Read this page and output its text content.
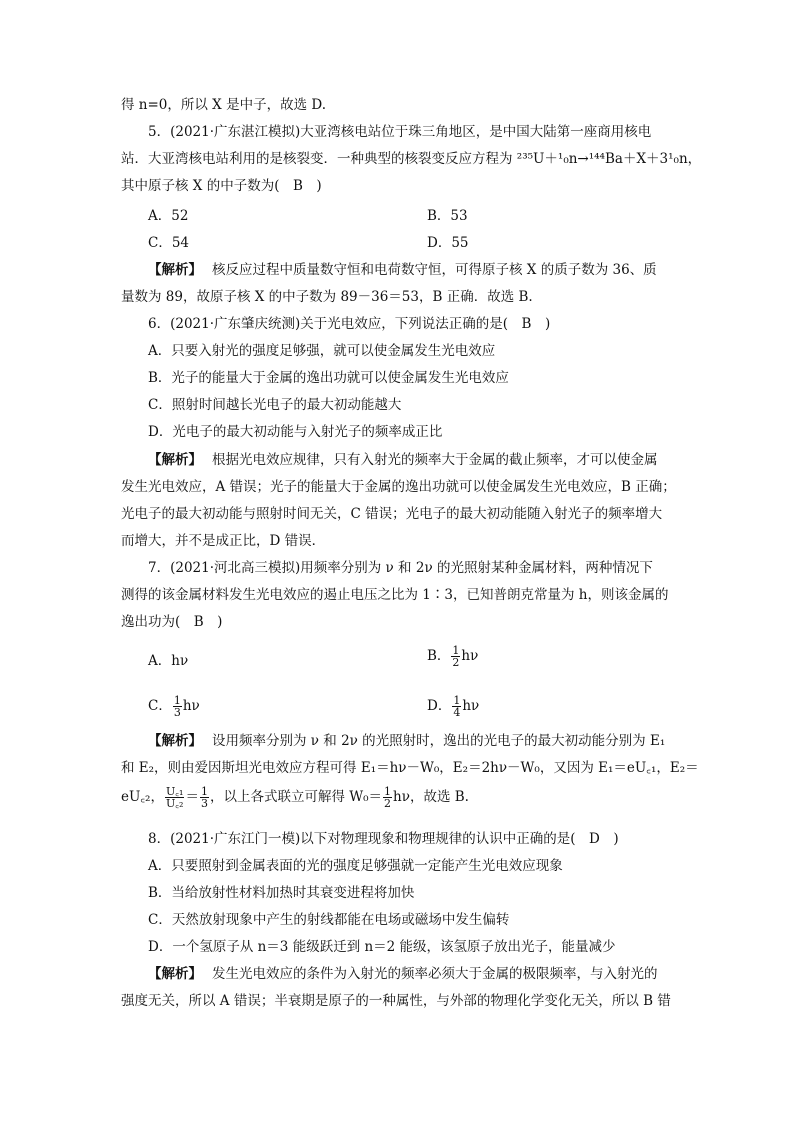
得 n=0，所以 X 是中子，故选 D.
5．(2021·广东湛江模拟)大亚湾核电站位于珠三角地区，是中国大陆第一座商用核电
站．大亚湾核电站利用的是核裂变．一种典型的核裂变反应方程为 ²³⁵U＋¹₀n→¹⁴⁴Ba＋X＋3¹₀n，
其中原子核 X 的中子数为(　B　)
A．52	B．53
C．54	D．55
【解析】 核反应过程中质量数守恒和电荷数守恒，可得原子核 X 的质子数为 36、质
量数为 89，故原子核 X 的中子数为 89－36＝53，B 正确．故选 B.
6．(2021·广东肇庆统测)关于光电效应，下列说法正确的是(　B　)
A．只要入射光的强度足够强，就可以使金属发生光电效应
B．光子的能量大于金属的逸出功就可以使金属发生光电效应
C．照射时间越长光电子的最大初动能越大
D．光电子的最大初动能与入射光子的频率成正比
【解析】 根据光电效应规律，只有入射光的频率大于金属的截止频率，才可以使金属
发生光电效应，A 错误；光子的能量大于金属的逸出功就可以使金属发生光电效应，B 正确；
光电子的最大初动能与照射时间无关，C 错误；光电子的最大初动能随入射光子的频率增大
而增大，并不是成正比，D 错误．
7．(2021·河北高三模拟)用频率分别为 ν 和 2ν 的光照射某种金属材料，两种情况下
测得的该金属材料发生光电效应的遏止电压之比为 1∶3，已知普朗克常量为 h，则该金属的
逸出功为(　B　)
A．hν	B． $\frac{1}{2}$ hν
C． $\frac{1}{3}$ hν	D． $\frac{1}{4}$ hν
【解析】 设用频率分别为 ν 和 2ν 的光照射时，逸出的光电子的最大初动能分别为 E₁
和 E₂，则由爱因斯坦光电效应方程可得 E₁＝hν－W₀，E₂＝2hν－W₀，又因为 E₁＝eU꜀₁，E₂＝
eU꜀₂， $\frac{\text{U꜀₁}}{\text{U꜀₂}} = \frac{1}{3}$ ，以上各式联立可解得 $W_0= \frac{1}{2}$ hν，故选 B.
8．(2021·广东江门一模)以下对物理现象和物理规律的认识中正确的是(　D　)
A．只要照射到金属表面的光的强度足够强就一定能产生光电效应现象
B．当给放射性材料加热时其衰变进程将加快
C．天然放射现象中产生的射线都能在电场或磁场中发生偏转
D．一个氢原子从 n＝3 能级跃迁到 n＝2 能级，该氢原子放出光子，能量减少
【解析】 发生光电效应的条件为入射光的频率必须大于金属的极限频率，与入射光的
强度无关，所以 A 错误；半衰期是原子的一种属性，与外部的物理化学变化无关，所以 B 错
